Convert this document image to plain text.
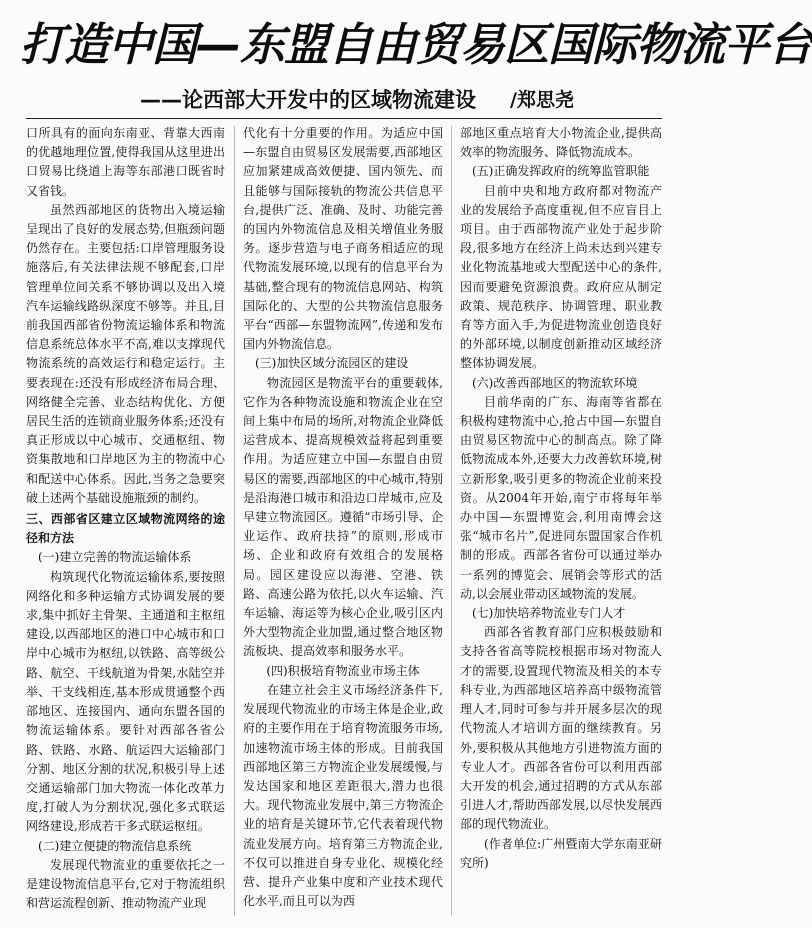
打造中国—东盟自由贸易区国际物流平台
——论西部大开发中的区域物流建设 /郑思尧

口所具有的面向东南亚、背靠大西南的优越地理位置,使得我国从这里进出口贸易比绕道上海等东部港口既省时又省钱。

虽然西部地区的货物出入境运输呈现出了良好的发展态势,但瓶颈问题仍然存在。主要包括:口岸管理服务设施落后,有关法律法规不够配套,口岸管理单位间关系不够协调以及出入境汽车运输线路纵深度不够等。并且,目前我国西部省份物流运输体系和物流信息系统总体水平不高,难以支撑现代物流系统的高效运行和稳定运行。主要表现在:还没有形成经济布局合理、网络健全完善、业态结构优化、方便居民生活的连锁商业服务体系;还没有真正形成以中心城市、交通枢纽、物资集散地和口岸地区为主的物流中心和配送中心体系。因此,当务之急要突破上述两个基础设施瓶颈的制约。

三、西部省区建立区域物流网络的途径和方法

(一)建立完善的物流运输体系

构筑现代化物流运输体系,要按照网络化和多种运输方式协调发展的要求,集中抓好主骨架、主通道和主枢纽建设,以西部地区的港口中心城市和口岸中心城市为枢纽,以铁路、高等级公路、航空、干线航道为骨架,水陆空并举、干支线相连,基本形成贯通整个西部地区、连接国内、通向东盟各国的物流运输体系。要针对西部各省公路、铁路、水路、航运四大运输部门分割、地区分割的状况,积极引导上述交通运输部门加大物流一体化改革力度,打破人为分割状况,强化多式联运网络建设,形成若干多式联运枢纽。

(二)建立便捷的物流信息系统

发展现代物流业的重要依托之一是建设物流信息平台,它对于物流组织和营运流程创新、推动物流产业现

代化有十分重要的作用。为适应中国—东盟自由贸易区发展需要,西部地区应加紧建成高效便捷、国内领先、而且能够与国际接轨的物流公共信息平台,提供广泛、准确、及时、功能完善的国内外物流信息及相关增值业务服务。逐步营造与电子商务相适应的现代物流发展环境,以现有的信息平台为基础,整合现有的物流信息网站、构筑国际化的、大型的公共物流信息服务平台“西部—东盟物流网”,传递和发布国内外物流信息。

(三)加快区域分流园区的建设

物流园区是物流平台的重要载体,它作为各种物流设施和物流企业在空间上集中布局的场所,对物流企业降低运营成本、提高规模效益将起到重要作用。为适应建立中国—东盟自由贸易区的需要,西部地区的中心城市,特别是沿海港口城市和沿边口岸城市,应及早建立物流园区。遵循“市场引导、企业运作、政府扶持”的原则,形成市场、企业和政府有效组合的发展格局。园区建设应以海港、空港、铁路、高速公路为依托,以火车运输、汽车运输、海运等为核心企业,吸引区内外大型物流企业加盟,通过整合地区物流板块、提高效率和服务水平。

(四)积极培育物流业市场主体

在建立社会主义市场经济条件下,发展现代物流业的市场主体是企业,政府的主要作用在于培育物流服务市场,加速物流市场主体的形成。目前我国西部地区第三方物流企业发展缓慢,与发达国家和地区差距很大,潜力也很大。现代物流业发展中,第三方物流企业的培育是关键环节,它代表着现代物流业发展方向。培育第三方物流企业,不仅可以推进自身专业化、规模化经营、提升产业集中度和产业技术现代化水平,而且可以为西

部地区重点培育大小物流企业,提供高效率的物流服务、降低物流成本。

(五)正确发挥政府的统筹监管职能

目前中央和地方政府都对物流产业的发展给予高度重视,但不应盲目上项目。由于西部物流产业处于起步阶段,很多地方在经济上尚未达到兴建专业化物流基地或大型配送中心的条件,因而要避免资源浪费。政府应从制定政策、规范秩序、协调管理、职业教育等方面入手,为促进物流业创造良好的外部环境,以制度创新推动区域经济整体协调发展。

(六)改善西部地区的物流软环境

目前华南的广东、海南等省都在积极构建物流中心,抢占中国—东盟自由贸易区物流中心的制高点。除了降低物流成本外,还要大力改善软环境,树立新形象,吸引更多的物流企业前来投资。从2004年开始,南宁市将每年举办中国—东盟博览会,利用南博会这张“城市名片”,促进同东盟国家合作机制的形成。西部各省份可以通过举办一系列的博览会、展销会等形式的活动,以会展业带动区域物流的发展。

(七)加快培养物流业专门人才

西部各省教育部门应积极鼓励和支持各省高等院校根据市场对物流人才的需要,设置现代物流及相关的本专科专业,为西部地区培养高中级物流管理人才,同时可参与并开展多层次的现代物流人才培训方面的继续教育。另外,要积极从其他地方引进物流方面的专业人才。西部各省份可以利用西部大开发的机会,通过招聘的方式从东部引进人才,帮助西部发展,以尽快发展西部的现代物流业。

(作者单位:广州暨南大学东南亚研究所)
